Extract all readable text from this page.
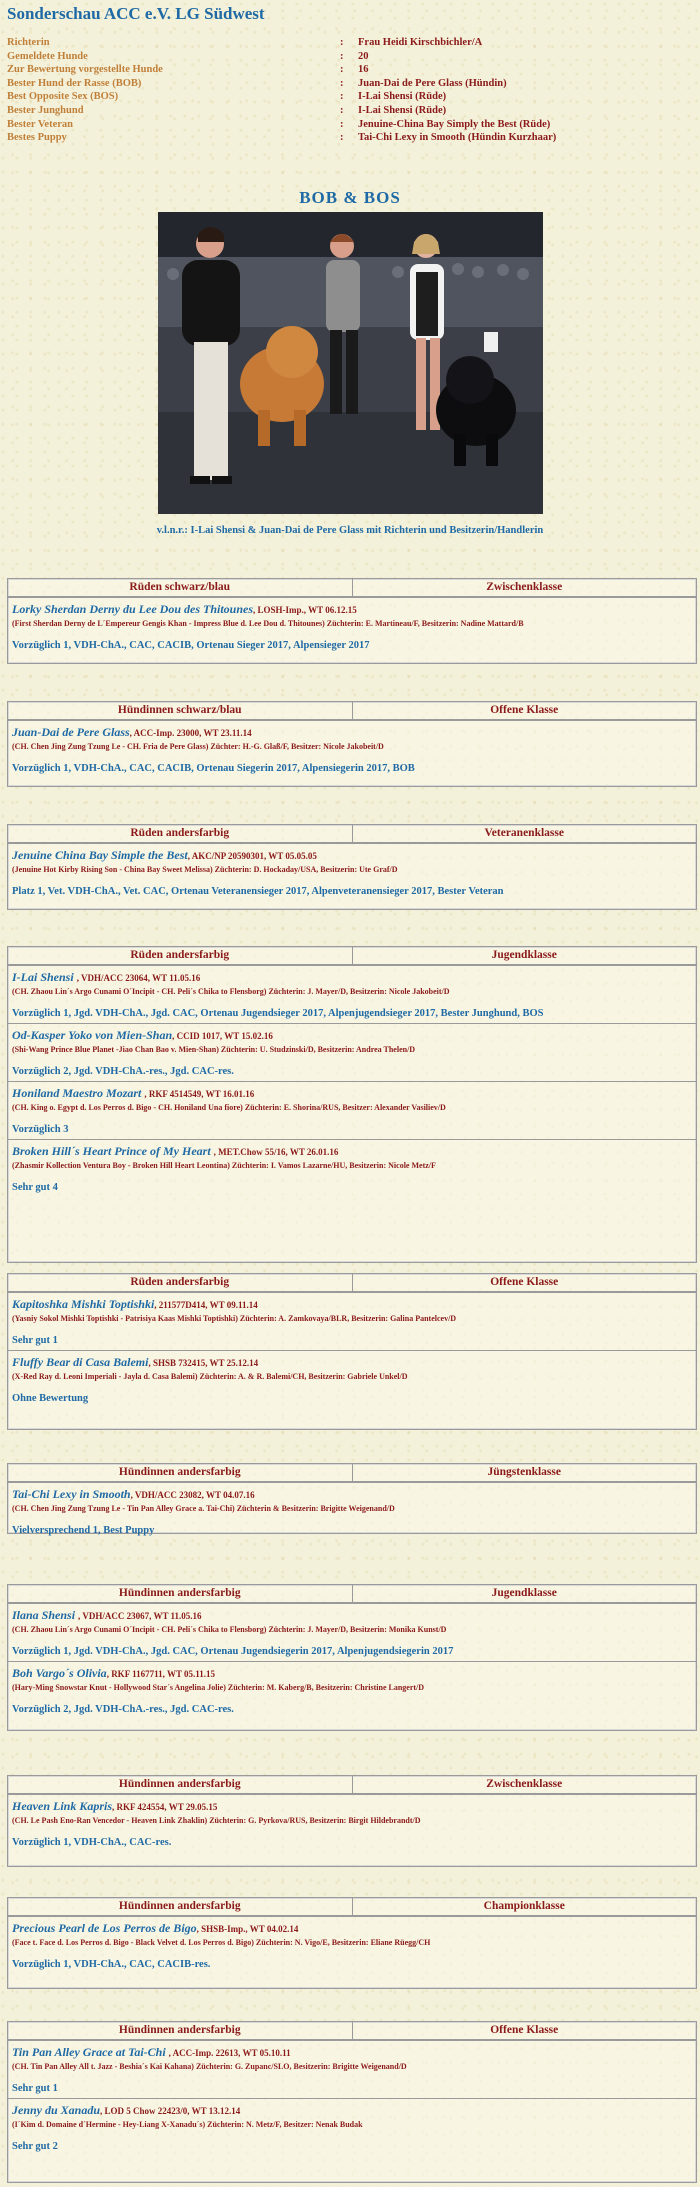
Sonderschau ACC e.V. LG Südwest
Richterin	:	Frau Heidi Kirschbichler/A
Gemeldete Hunde	:	20
Zur Bewertung vorgestellte Hunde	:	16
Bester Hund der Rasse (BOB)	:	Juan-Dai de Pere Glass (Hündin)
Best Opposite Sex (BOS)	:	I-Lai Shensi (Rüde)
Bester Junghund	:	I-Lai Shensi (Rüde)
Bester Veteran	:	Jenuine-China Bay Simply the Best (Rüde)
Bestes Puppy	:	Tai-Chi Lexy in Smooth (Hündin Kurzhaar)
BOB & BOS
v.l.n.r.: I-Lai Shensi & Juan-Dai de Pere Glass mit Richterin und Besitzerin/Handlerin
Rüden schwarz/blau	Zwischenklasse
Lorky Sherdan Derny du Lee Dou des Thitounes, LOSH-Imp., WT 06.12.15
(First Sherdan Derny de L´Empereur Gengis Khan - Impress Blue d. Lee Dou d. Thitounes) Züchterin: E. Martineau/F, Besitzerin: Nadine Mattard/B
Vorzüglich 1, VDH-ChA., CAC, CACIB, Ortenau Sieger 2017, Alpensieger 2017
Hündinnen schwarz/blau	Offene Klasse
Juan-Dai de Pere Glass, ACC-Imp. 23000, WT 23.11.14
(CH. Chen Jing Zung Tzung Le - CH. Fria de Pere Glass) Züchter: H.-G. Glaß/F, Besitzer: Nicole Jakobeit/D
Vorzüglich 1, VDH-ChA., CAC, CACIB, Ortenau Siegerin 2017, Alpensiegerin 2017, BOB
Rüden andersfarbig	Veteranenklasse
Jenuine China Bay Simple the Best, AKC/NP 20590301, WT 05.05.05
(Jenuine Hot Kirby Rising Son - China Bay Sweet Melissa) Züchterin: D. Hockaday/USA, Besitzerin: Ute Graf/D
Platz 1, Vet. VDH-ChA., Vet. CAC, Ortenau Veteranensieger 2017, Alpenveteranensieger 2017, Bester Veteran
Rüden andersfarbig	Jugendklasse
I-Lai Shensi , VDH/ACC 23064, WT 11.05.16
(CH. Zhaou Lin´s Argo Cunami O´Incipit - CH. Peli´s Chika to Flensborg) Züchterin: J. Mayer/D, Besitzerin: Nicole Jakobeit/D
Vorzüglich 1, Jgd. VDH-ChA., Jgd. CAC, Ortenau Jugendsieger 2017, Alpenjugendsieger 2017, Bester Junghund, BOS
Od-Kasper Yoko von Mien-Shan, CCID 1017, WT 15.02.16
(Shi-Wang Prince Blue Planet -Jiao Chan Bao v. Mien-Shan) Züchterin: U. Studzinski/D, Besitzerin: Andrea Thelen/D
Vorzüglich 2, Jgd. VDH-ChA.-res., Jgd. CAC-res.
Honiland Maestro Mozart , RKF 4514549, WT 16.01.16
(CH. King o. Egypt d. Los Perros d. Bigo - CH. Honiland Una fiore) Züchterin: E. Shorina/RUS, Besitzer: Alexander Vasiliev/D
Vorzüglich 3
Broken Hill´s Heart Prince of My Heart , MET.Chow 55/16, WT 26.01.16
(Zhasmir Kollection Ventura Boy - Broken Hill Heart Leontina) Züchterin: I. Vamos Lazarne/HU, Besitzerin: Nicole Metz/F
Sehr gut 4
Rüden andersfarbig	Offene Klasse
Kapitoshka Mishki Toptishki, 211577D414, WT 09.11.14
(Yasniy Sokol Mishki Toptishki - Patrisiya Kaas Mishki Toptishki) Züchterin: A. Zamkovaya/BLR, Besitzerin: Galina Pantelcev/D
Sehr gut 1
Fluffy Bear di Casa Balemi, SHSB 732415, WT 25.12.14
(X-Red Ray d. Leoni Imperiali - Jayla d. Casa Balemi) Züchterin: A. & R. Balemi/CH, Besitzerin: Gabriele Unkel/D
Ohne Bewertung
Hündinnen andersfarbig	Jüngstenklasse
Tai-Chi Lexy in Smooth, VDH/ACC 23082, WT 04.07.16
(CH. Chen Jing Zung Tzung Le - Tin Pan Alley Grace a. Tai-Chi) Züchterin & Besitzerin: Brigitte Weigenand/D
Vielversprechend 1, Best Puppy
Hündinnen andersfarbig	Jugendklasse
Ilana Shensi , VDH/ACC 23067, WT 11.05.16
(CH. Zhaou Lin´s Argo Cunami O´Incipit - CH. Peli´s Chika to Flensborg) Züchterin: J. Mayer/D, Besitzerin: Monika Kunst/D
Vorzüglich 1, Jgd. VDH-ChA., Jgd. CAC, Ortenau Jugendsiegerin 2017, Alpenjugendsiegerin 2017
Boh Vargo´s Olivia, RKF 1167711, WT 05.11.15
(Hary-Ming Snowstar Knut - Hollywood Star´s Angelina Jolie) Züchterin: M. Kaberg/B, Besitzerin: Christine Langert/D
Vorzüglich 2, Jgd. VDH-ChA.-res., Jgd. CAC-res.
Hündinnen andersfarbig	Zwischenklasse
Heaven Link Kapris, RKF 424554, WT 29.05.15
(CH. Le Pash Eno-Ran Vencedor - Heaven Link Zhaklin) Züchterin: G. Pyrkova/RUS, Besitzerin: Birgit Hildebrandt/D
Vorzüglich 1, VDH-ChA., CAC-res.
Hündinnen andersfarbig	Championklasse
Precious Pearl de Los Perros de Bigo, SHSB-Imp., WT 04.02.14
(Face t. Face d. Los Perros d. Bigo - Black Velvet d. Los Perros d. Bigo) Züchterin: N. Vigo/E, Besitzerin: Eliane Rüegg/CH
Vorzüglich 1, VDH-ChA., CAC, CACIB-res.
Hündinnen andersfarbig	Offene Klasse
Tin Pan Alley Grace at Tai-Chi , ACC-Imp. 22613, WT 05.10.11
(CH. Tin Pan Alley All t. Jazz - Beshia´s Kai Kahana) Züchterin: G. Zupanc/SLO, Besitzerin: Brigitte Weigenand/D
Sehr gut 1
Jenny du Xanadu, LOD 5 Chow 22423/0, WT 13.12.14
(I´Kim d. Domaine d´Hermine - Hey-Liang X-Xanadu´s) Züchterin: N. Metz/F, Besitzer: Nenak Budak
Sehr gut 2
